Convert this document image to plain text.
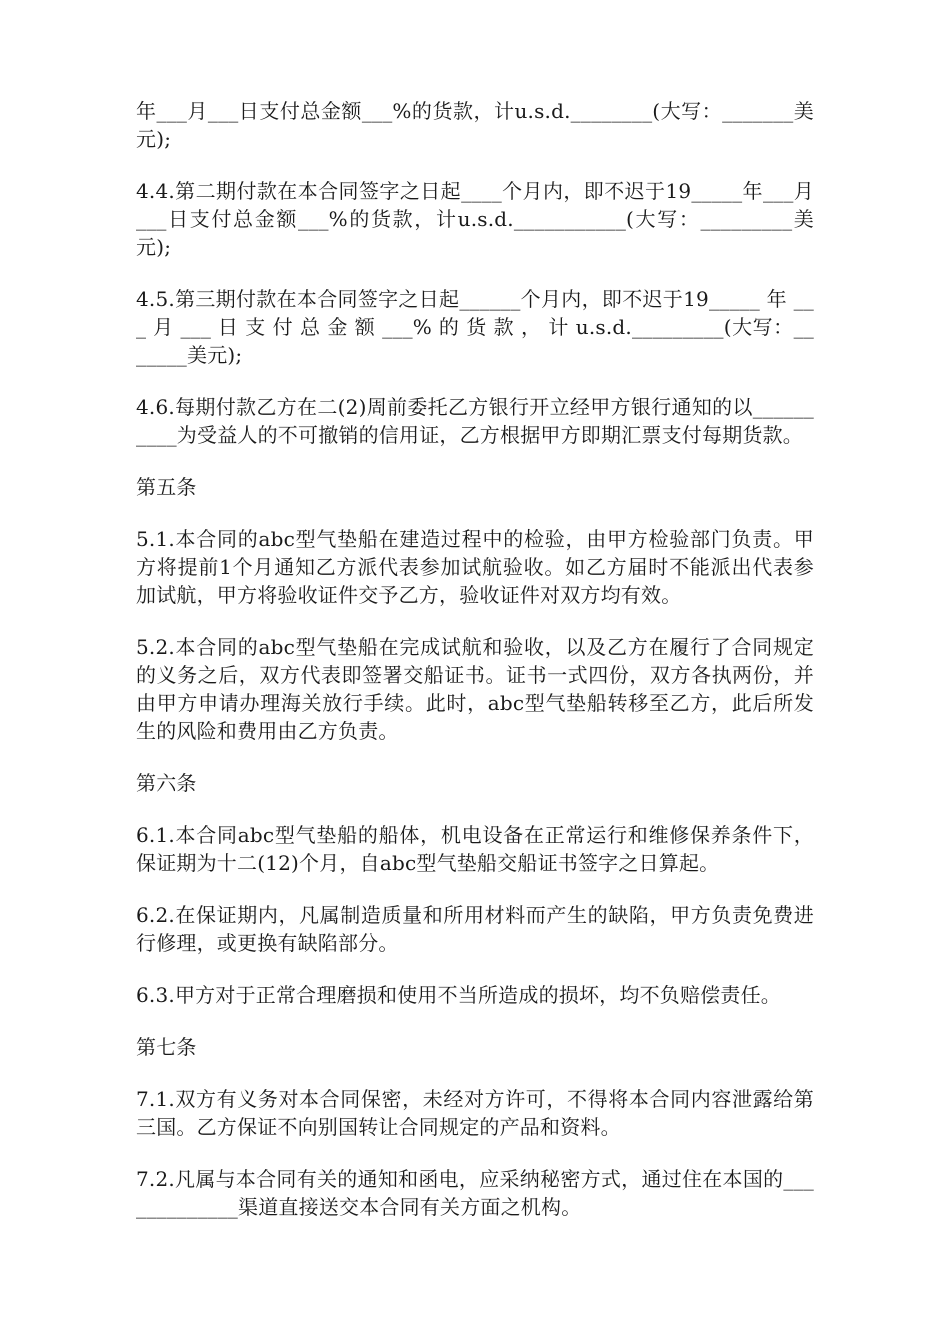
年___月___日支付总金额___%的货款，计u.s.d.________(大写：_______美元);

4.4.第二期付款在本合同签字之日起____个月内，即不迟于19_____年___月___日支付总金额___%的货款，计u.s.d.___________(大写：_________美元);

4.5.第三期付款在本合同签字之日起______个月内，即不迟于19_____ 年 ___ 月 ___ 日 支 付 总 金 额 ___% 的 货 款 ， 计 u.s.d._________(大写：_______美元);

4.6.每期付款乙方在二(2)周前委托乙方银行开立经甲方银行通知的以__________为受益人的不可撤销的信用证，乙方根据甲方即期汇票支付每期货款。

第五条

5.1.本合同的abc型气垫船在建造过程中的检验，由甲方检验部门负责。甲方将提前1个月通知乙方派代表参加试航验收。如乙方届时不能派出代表参加试航，甲方将验收证件交予乙方，验收证件对双方均有效。

5.2.本合同的abc型气垫船在完成试航和验收，以及乙方在履行了合同规定的义务之后，双方代表即签署交船证书。证书一式四份，双方各执两份，并由甲方申请办理海关放行手续。此时，abc型气垫船转移至乙方，此后所发生的风险和费用由乙方负责。

第六条

6.1.本合同abc型气垫船的船体，机电设备在正常运行和维修保养条件下，保证期为十二(12)个月，自abc型气垫船交船证书签字之日算起。

6.2.在保证期内，凡属制造质量和所用材料而产生的缺陷，甲方负责免费进行修理，或更换有缺陷部分。

6.3.甲方对于正常合理磨损和使用不当所造成的损坏，均不负赔偿责任。

第七条

7.1.双方有义务对本合同保密，未经对方许可，不得将本合同内容泄露给第三国。乙方保证不向别国转让合同规定的产品和资料。

7.2.凡属与本合同有关的通知和函电，应采纳秘密方式，通过住在本国的_____________渠道直接送交本合同有关方面之机构。
